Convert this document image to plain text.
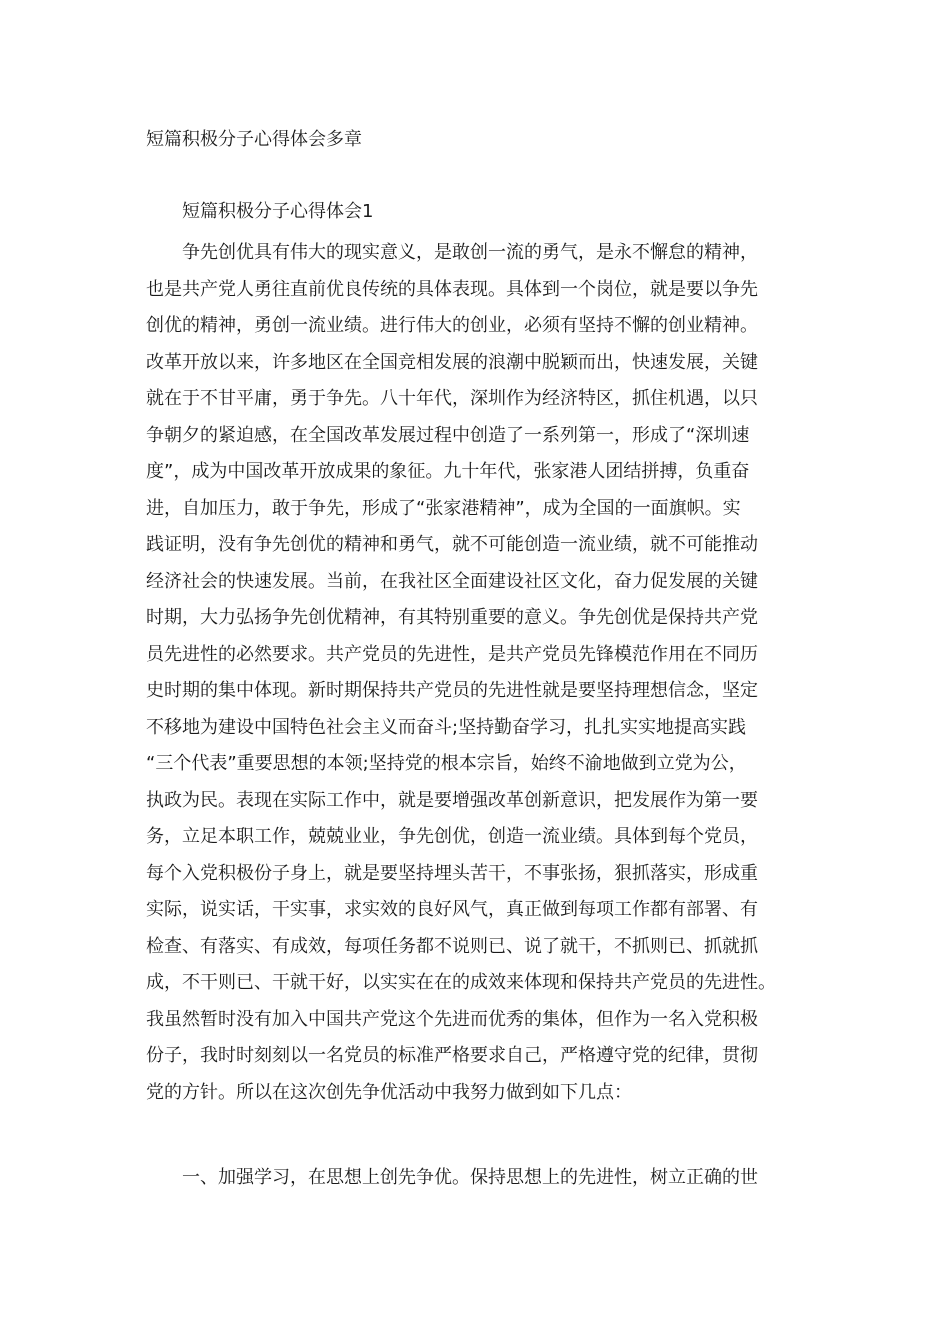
短篇积极分子心得体会多章
短篇积极分子心得体会1
争先创优具有伟大的现实意义，是敢创一流的勇气，是永不懈怠的精神，
也是共产党人勇往直前优良传统的具体表现。具体到一个岗位，就是要以争先
创优的精神，勇创一流业绩。进行伟大的创业，必须有坚持不懈的创业精神。
改革开放以来，许多地区在全国竞相发展的浪潮中脱颖而出，快速发展，关键
就在于不甘平庸，勇于争先。八十年代，深圳作为经济特区，抓住机遇，以只
争朝夕的紧迫感，在全国改革发展过程中创造了一系列第一，形成了“深圳速
度”，成为中国改革开放成果的象征。九十年代，张家港人团结拼搏，负重奋
进，自加压力，敢于争先，形成了“张家港精神”，成为全国的一面旗帜。实
践证明，没有争先创优的精神和勇气，就不可能创造一流业绩，就不可能推动
经济社会的快速发展。当前，在我社区全面建设社区文化，奋力促发展的关键
时期，大力弘扬争先创优精神，有其特别重要的意义。争先创优是保持共产党
员先进性的必然要求。共产党员的先进性，是共产党员先锋模范作用在不同历
史时期的集中体现。新时期保持共产党员的先进性就是要坚持理想信念，坚定
不移地为建设中国特色社会主义而奋斗;坚持勤奋学习，扎扎实实地提高实践
“三个代表”重要思想的本领;坚持党的根本宗旨，始终不渝地做到立党为公，
执政为民。表现在实际工作中，就是要增强改革创新意识，把发展作为第一要
务，立足本职工作，兢兢业业，争先创优，创造一流业绩。具体到每个党员，
每个入党积极份子身上，就是要坚持埋头苦干，不事张扬，狠抓落实，形成重
实际，说实话，干实事，求实效的良好风气，真正做到每项工作都有部署、有
检查、有落实、有成效，每项任务都不说则已、说了就干，不抓则已、抓就抓
成，不干则已、干就干好，以实实在在的成效来体现和保持共产党员的先进性。
我虽然暂时没有加入中国共产党这个先进而优秀的集体，但作为一名入党积极
份子，我时时刻刻以一名党员的标准严格要求自己，严格遵守党的纪律，贯彻
党的方针。所以在这次创先争优活动中我努力做到如下几点：
一、加强学习，在思想上创先争优。保持思想上的先进性，树立正确的世
